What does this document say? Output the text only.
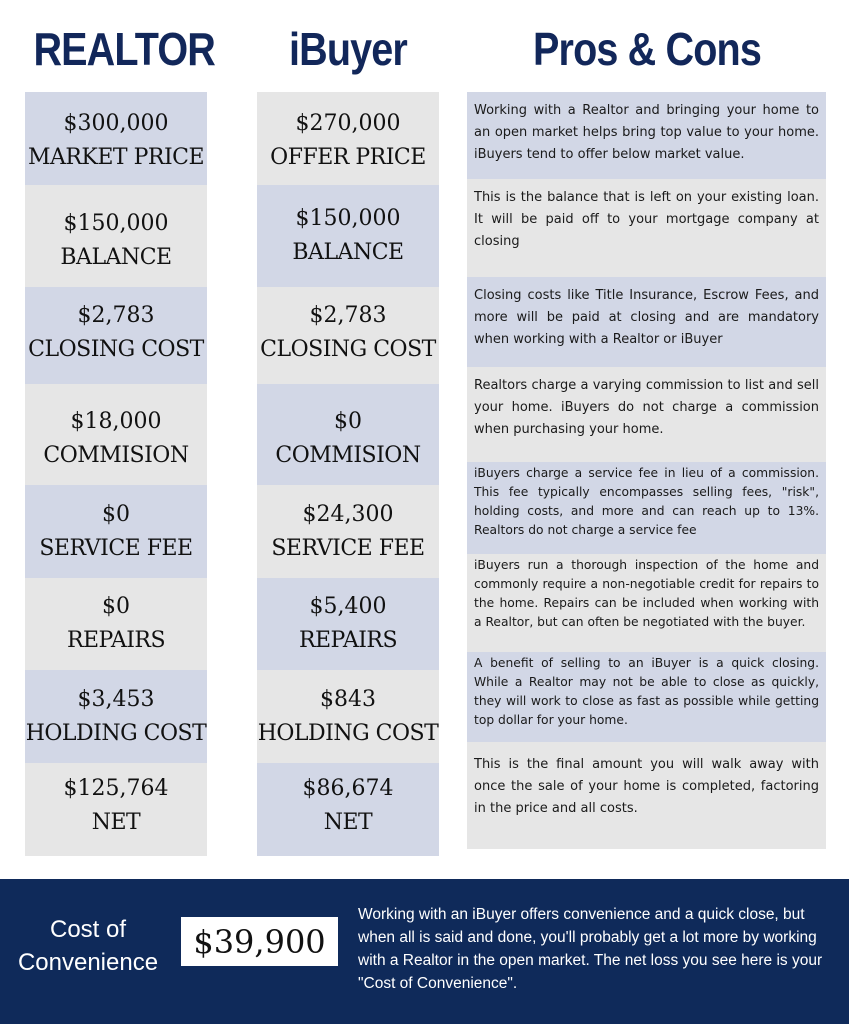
REALTOR	iBuyer	Pros & Cons
$300,000
MARKET PRICE
$150,000
BALANCE
$2,783
CLOSING COST
$18,000
COMMISION
$0
SERVICE FEE
$0
REPAIRS
$3,453
HOLDING COST
$125,764
NET
$270,000
OFFER PRICE
$150,000
BALANCE
$2,783
CLOSING COST
$0
COMMISION
$24,300
SERVICE FEE
$5,400
REPAIRS
$843
HOLDING COST
$86,674
NET
Working with a Realtor and bringing your home to an open market helps bring top value to your home. iBuyers tend to offer below market value.
This is the balance that is left on your existing loan. It will be paid off to your mortgage company at closing
Closing costs like Title Insurance, Escrow Fees, and more will be paid at closing and are mandatory when working with a Realtor or iBuyer
Realtors charge a varying commission to list and sell your home. iBuyers do not charge a commission when purchasing your home.
iBuyers charge a service fee in lieu of a commission. This fee typically encompasses selling fees, "risk", holding costs, and more and can reach up to 13%. Realtors do not charge a service fee
iBuyers run a thorough inspection of the home and commonly require a non-negotiable credit for repairs to the home. Repairs can be included when working with a Realtor, but can often be negotiated with the buyer.
A benefit of selling to an iBuyer is a quick closing. While a Realtor may not be able to close as quickly, they will work to close as fast as possible while getting top dollar for your home.
This is the final amount you will walk away with once the sale of your home is completed, factoring in the price and all costs.
Cost of Convenience
$39,900
Working with an iBuyer offers convenience and a quick close, but when all is said and done, you'll probably get a lot more by working with a Realtor in the open market. The net loss you see here is your "Cost of Convenience".
